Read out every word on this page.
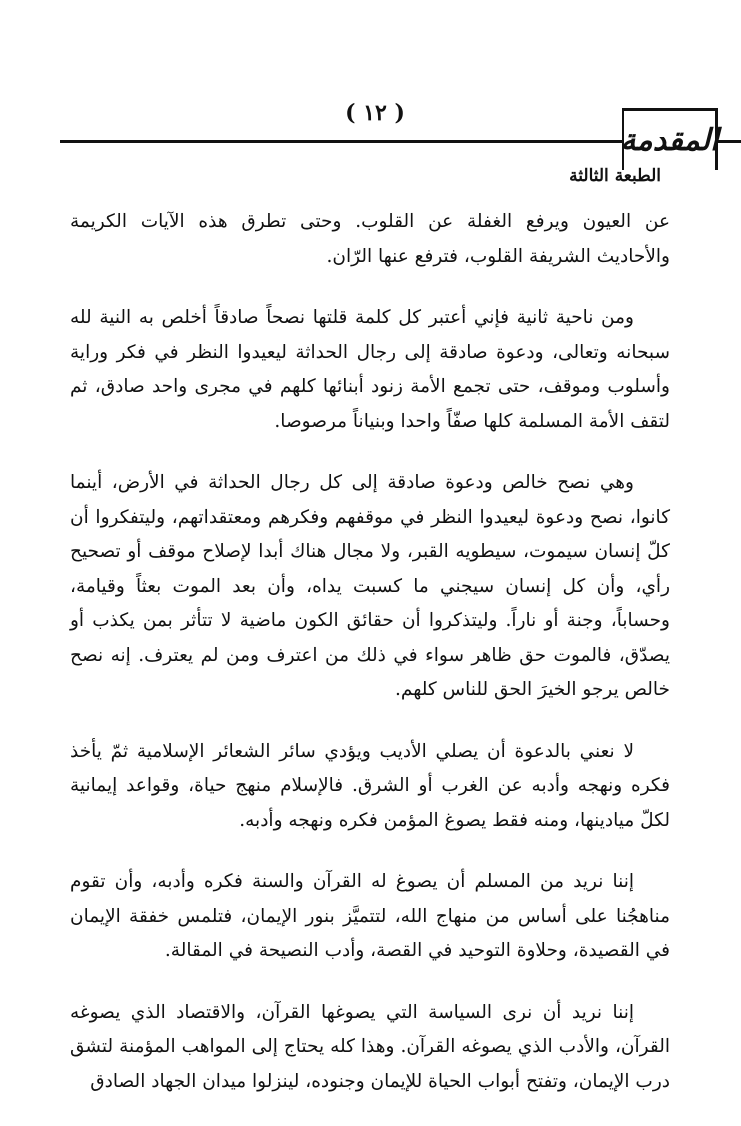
( ١٢ )
المقدمة
الطبعة الثالثة

عن العيون ويرفع الغفلة عن القلوب. وحتى تطرق هذه الآيات الكريمة والأحاديث الشريفة القلوب، فترفع عنها الرّان.

ومن ناحية ثانية فإني أعتبر كل كلمة قلتها نصحاً صادقاً أخلص به النية لله سبحانه وتعالى، ودعوة صادقة إلى رجال الحداثة ليعيدوا النظر في فكر وراية وأسلوب وموقف، حتى تجمع الأمة زنود أبنائها كلهم في مجرى واحد صادق، ثم لتقف الأمة المسلمة كلها صفّاً واحدا وبنياناً مرصوصا.

وهي نصح خالص ودعوة صادقة إلى كل رجال الحداثة في الأرض، أينما كانوا، نصح ودعوة ليعيدوا النظر في موقفهم وفكرهم ومعتقداتهم، وليتفكروا أن كلّ إنسان سيموت، سيطويه القبر، ولا مجال هناك أبدا لإصلاح موقف أو تصحيح رأي، وأن كل إنسان سيجني ما كسبت يداه، وأن بعد الموت بعثاً وقيامة، وحساباً، وجنة أو ناراً. وليتذكروا أن حقائق الكون ماضية لا تتأثر بمن يكذب أو يصدّق، فالموت حق ظاهر سواء في ذلك من اعترف ومن لم يعترف. إنه نصح خالص يرجو الخيرَ الحق للناس كلهم.

لا نعني بالدعوة أن يصلي الأديب ويؤدي سائر الشعائر الإسلامية ثمّ يأخذ فكره ونهجه وأدبه عن الغرب أو الشرق. فالإسلام منهج حياة، وقواعد إيمانية لكلّ ميادينها، ومنه فقط يصوغ المؤمن فكره ونهجه وأدبه.

إننا نريد من المسلم أن يصوغ له القرآن والسنة فكره وأدبه، وأن تقوم مناهجُنا على أساس من منهاج الله، لتتميَّز بنور الإيمان، فتلمس خفقة الإيمان في القصيدة، وحلاوة التوحيد في القصة، وأدب النصيحة في المقالة.

إننا نريد أن نرى السياسة التي يصوغها القرآن، والاقتصاد الذي يصوغه القرآن، والأدب الذي يصوغه القرآن. وهذا كله يحتاج إلى المواهب المؤمنة لتشق درب الإيمان، وتفتح أبواب الحياة للإيمان وجنوده، لينزلوا ميدان الجهاد الصادق
